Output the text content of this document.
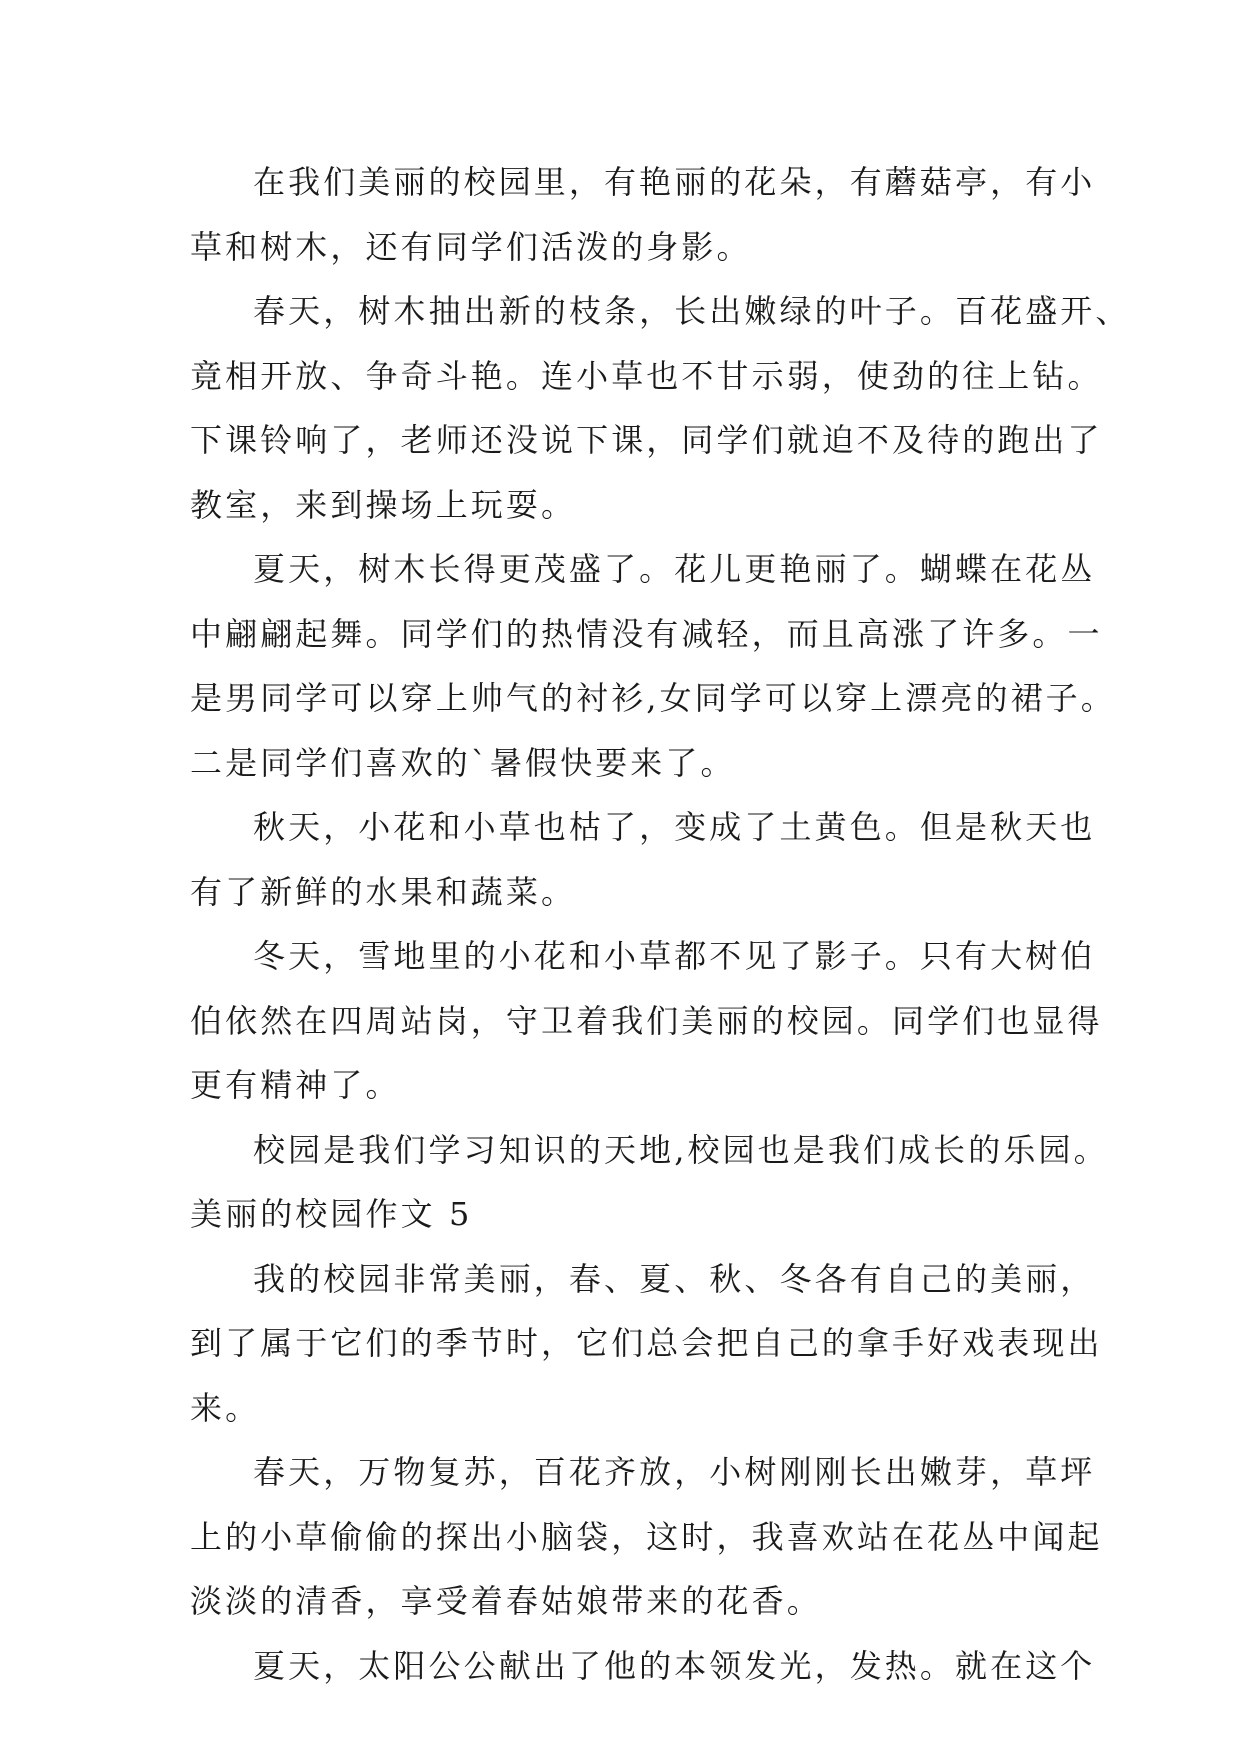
在我们美丽的校园里，有艳丽的花朵，有蘑菇亭，有小
草和树木，还有同学们活泼的身影。
春天，树木抽出新的枝条，长出嫩绿的叶子。百花盛开、
竟相开放、争奇斗艳。连小草也不甘示弱，使劲的往上钻。
下课铃响了，老师还没说下课，同学们就迫不及待的跑出了
教室，来到操场上玩耍。
夏天，树木长得更茂盛了。花儿更艳丽了。蝴蝶在花丛
中翩翩起舞。同学们的热情没有减轻，而且高涨了许多。一
是男同学可以穿上帅气的衬衫,女同学可以穿上漂亮的裙子。
二是同学们喜欢的`暑假快要来了。
秋天，小花和小草也枯了，变成了土黄色。但是秋天也
有了新鲜的水果和蔬菜。
冬天，雪地里的小花和小草都不见了影子。只有大树伯
伯依然在四周站岗，守卫着我们美丽的校园。同学们也显得
更有精神了。
校园是我们学习知识的天地,校园也是我们成长的乐园。
美丽的校园作文 5
我的校园非常美丽，春、夏、秋、冬各有自己的美丽，
到了属于它们的季节时，它们总会把自己的拿手好戏表现出
来。
春天，万物复苏，百花齐放，小树刚刚长出嫩芽，草坪
上的小草偷偷的探出小脑袋，这时，我喜欢站在花丛中闻起
淡淡的清香，享受着春姑娘带来的花香。
夏天，太阳公公献出了他的本领发光，发热。就在这个
